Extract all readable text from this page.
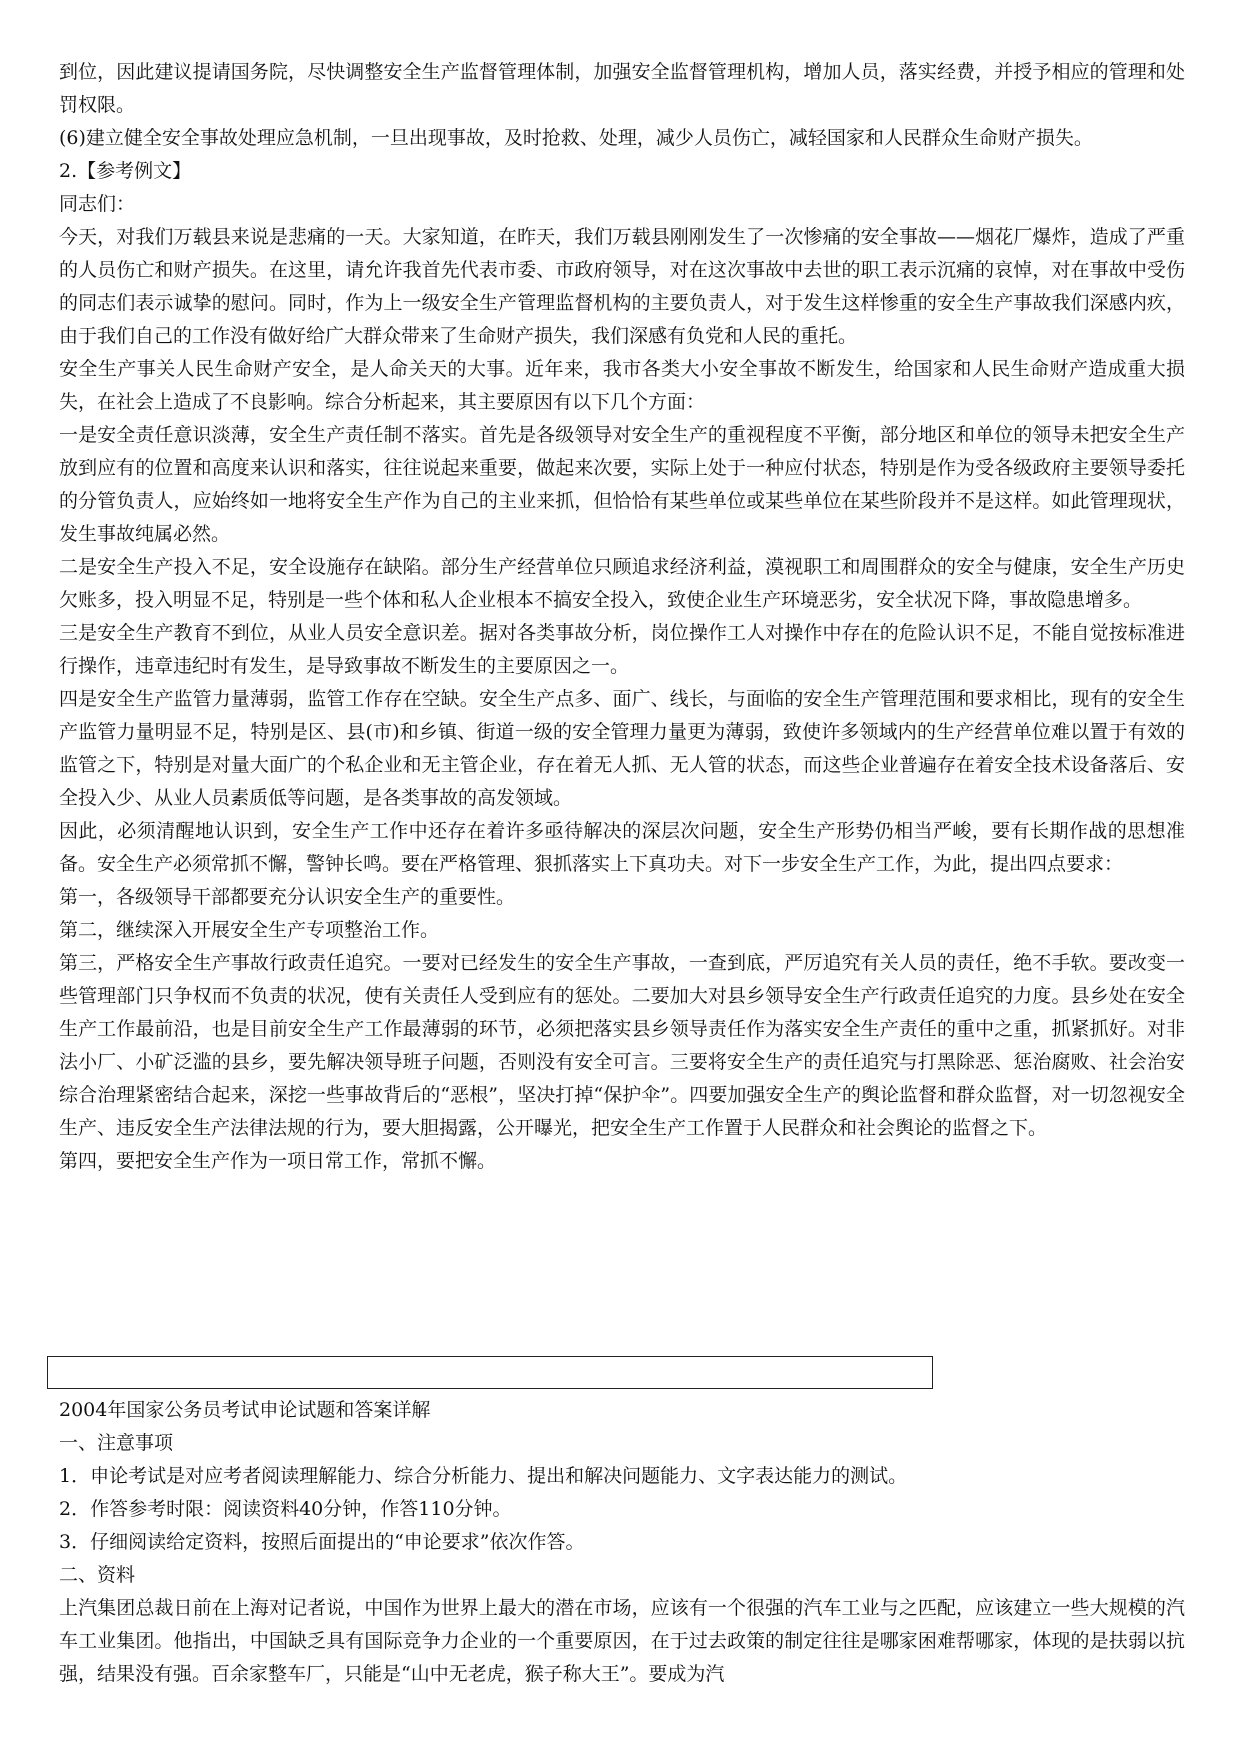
到位，因此建议提请国务院，尽快调整安全生产监督管理体制，加强安全监督管理机构，增加人员，落实经费，并授予相应的管理和处罚权限。

(6)建立健全安全事故处理应急机制，一旦出现事故，及时抢救、处理，减少人员伤亡，减轻国家和人民群众生命财产损失。

2.【参考例文】

同志们：

今天，对我们万载县来说是悲痛的一天。大家知道，在昨天，我们万载县刚刚发生了一次惨痛的安全事故——烟花厂爆炸，造成了严重的人员伤亡和财产损失。在这里，请允许我首先代表市委、市政府领导，对在这次事故中去世的职工表示沉痛的哀悼，对在事故中受伤的同志们表示诚挚的慰问。同时，作为上一级安全生产管理监督机构的主要负责人，对于发生这样惨重的安全生产事故我们深感内疚，由于我们自己的工作没有做好给广大群众带来了生命财产损失，我们深感有负党和人民的重托。

安全生产事关人民生命财产安全，是人命关天的大事。近年来，我市各类大小安全事故不断发生，给国家和人民生命财产造成重大损失，在社会上造成了不良影响。综合分析起来，其主要原因有以下几个方面：

一是安全责任意识淡薄，安全生产责任制不落实。首先是各级领导对安全生产的重视程度不平衡，部分地区和单位的领导未把安全生产放到应有的位置和高度来认识和落实，往往说起来重要，做起来次要，实际上处于一种应付状态，特别是作为受各级政府主要领导委托的分管负责人，应始终如一地将安全生产作为自己的主业来抓，但恰恰有某些单位或某些单位在某些阶段并不是这样。如此管理现状，发生事故纯属必然。

二是安全生产投入不足，安全设施存在缺陷。部分生产经营单位只顾追求经济利益，漠视职工和周围群众的安全与健康，安全生产历史欠账多，投入明显不足，特别是一些个体和私人企业根本不搞安全投入，致使企业生产环境恶劣，安全状况下降，事故隐患增多。

三是安全生产教育不到位，从业人员安全意识差。据对各类事故分析，岗位操作工人对操作中存在的危险认识不足，不能自觉按标准进行操作，违章违纪时有发生，是导致事故不断发生的主要原因之一。

四是安全生产监管力量薄弱，监管工作存在空缺。安全生产点多、面广、线长，与面临的安全生产管理范围和要求相比，现有的安全生产监管力量明显不足，特别是区、县(市)和乡镇、街道一级的安全管理力量更为薄弱，致使许多领域内的生产经营单位难以置于有效的监管之下，特别是对量大面广的个私企业和无主管企业，存在着无人抓、无人管的状态，而这些企业普遍存在着安全技术设备落后、安全投入少、从业人员素质低等问题，是各类事故的高发领域。

因此，必须清醒地认识到，安全生产工作中还存在着许多亟待解决的深层次问题，安全生产形势仍相当严峻，要有长期作战的思想准备。安全生产必须常抓不懈，警钟长鸣。要在严格管理、狠抓落实上下真功夫。对下一步安全生产工作，为此，提出四点要求：

第一，各级领导干部都要充分认识安全生产的重要性。

第二，继续深入开展安全生产专项整治工作。

第三，严格安全生产事故行政责任追究。一要对已经发生的安全生产事故，一查到底，严厉追究有关人员的责任，绝不手软。要改变一些管理部门只争权而不负责的状况，使有关责任人受到应有的惩处。二要加大对县乡领导安全生产行政责任追究的力度。县乡处在安全生产工作最前沿，也是目前安全生产工作最薄弱的环节，必须把落实县乡领导责任作为落实安全生产责任的重中之重，抓紧抓好。对非法小厂、小矿泛滥的县乡，要先解决领导班子问题，否则没有安全可言。三要将安全生产的责任追究与打黑除恶、惩治腐败、社会治安综合治理紧密结合起来，深挖一些事故背后的“恶根”，坚决打掉“保护伞”。四要加强安全生产的舆论监督和群众监督，对一切忽视安全生产、违反安全生产法律法规的行为，要大胆揭露，公开曝光，把安全生产工作置于人民群众和社会舆论的监督之下。

第四，要把安全生产作为一项日常工作，常抓不懈。

2004年国家公务员考试申论试题和答案详解

一、注意事项

1．申论考试是对应考者阅读理解能力、综合分析能力、提出和解决问题能力、文字表达能力的测试。

2．作答参考时限：阅读资料40分钟，作答110分钟。

3．仔细阅读给定资料，按照后面提出的“申论要求”依次作答。

二、资料

上汽集团总裁日前在上海对记者说，中国作为世界上最大的潜在市场，应该有一个很强的汽车工业与之匹配，应该建立一些大规模的汽车工业集团。他指出，中国缺乏具有国际竞争力企业的一个重要原因，在于过去政策的制定往往是哪家困难帮哪家，体现的是扶弱以抗强，结果没有强。百余家整车厂，只能是“山中无老虎，猴子称大王”。要成为汽
